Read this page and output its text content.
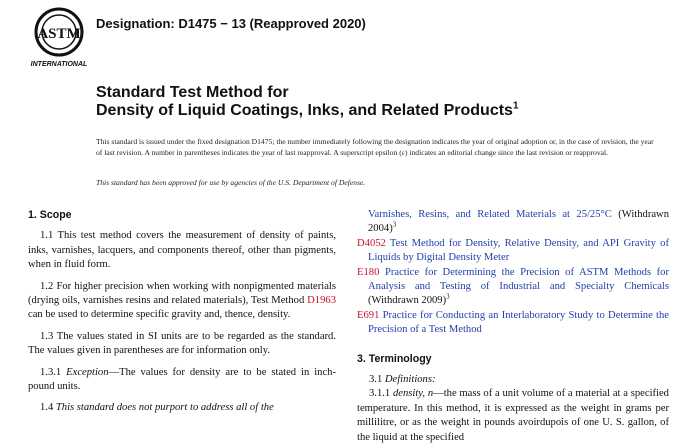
ASTM
INTERNATIONAL
Designation: D1475 − 13 (Reapproved 2020)
Standard Test Method for
Density of Liquid Coatings, Inks, and Related Products$^1$
This standard is issued under the fixed designation D1475; the number immediately following the designation indicates the year of original adoption or, in the case of revision, the year of last revision. A number in parentheses indicates the year of last reapproval. A superscript epsilon (ε) indicates an editorial change since the last revision or reapproval.
This standard has been approved for use by agencies of the U.S. Department of Defense.
1. Scope

1.1 This test method covers the measurement of density of paints, inks, varnishes, lacquers, and components thereof, other than pigments, when in fluid form.

1.2 For higher precision when working with nonpigmented materials (drying oils, varnishes resins and related materials), Test Method D1963 can be used to determine specific gravity and, thence, density.

1.3 The values stated in SI units are to be regarded as the standard. The values given in parentheses are for information only.

1.3.1 Exception—The values for density are to be stated in inch-pound units.

1.4 This standard does not purport to address all of the

Varnishes, Resins, and Related Materials at 25/25°C (Withdrawn 2004)$^3$

D4052 Test Method for Density, Relative Density, and API Gravity of Liquids by Digital Density Meter

E180 Practice for Determining the Precision of ASTM Methods for Analysis and Testing of Industrial and Specialty Chemicals (Withdrawn 2009)$^3$

E691 Practice for Conducting an Interlaboratory Study to Determine the Precision of a Test Method

3. Terminology

3.1 Definitions:

3.1.1 density, n—the mass of a unit volume of a material at a specified temperature. In this method, it is expressed as the weight in grams per millilitre, or as the weight in pounds avoirdupois of one U. S. gallon, of the liquid at the specified
